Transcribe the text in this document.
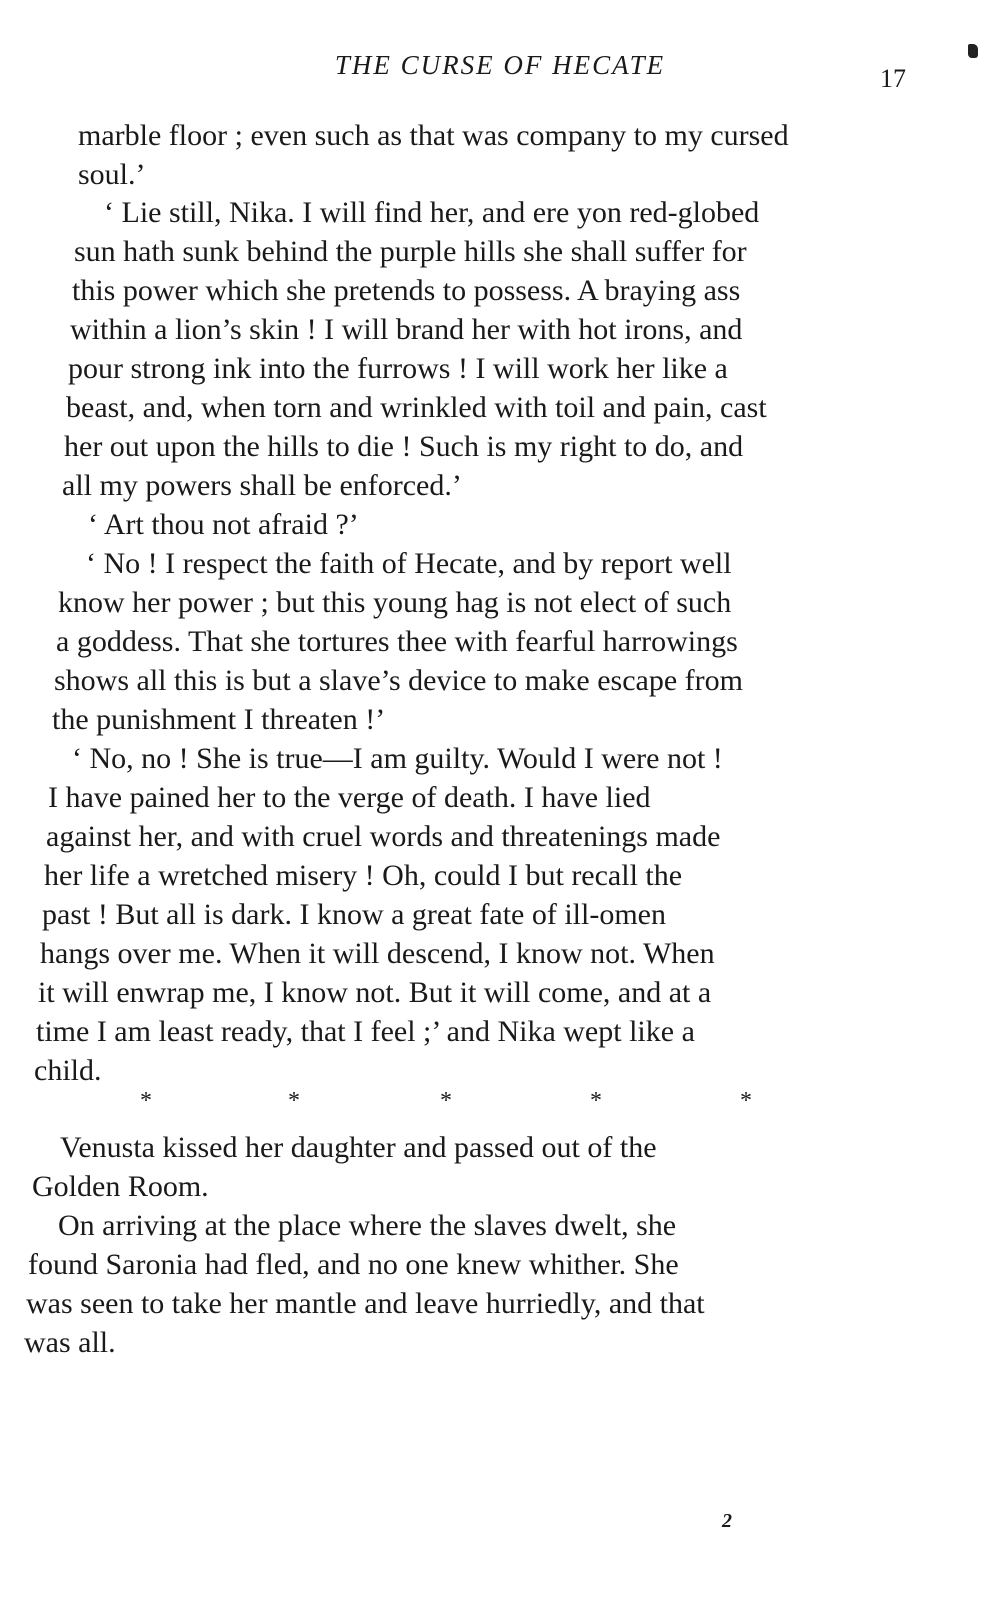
THE CURSE OF HECATE	17
marble floor ; even such as that was company to my cursed
soul.’
‘ Lie still, Nika. I will find her, and ere yon red-globed
sun hath sunk behind the purple hills she shall suffer for
this power which she pretends to possess. A braying ass
within a lion’s skin ! I will brand her with hot irons, and
pour strong ink into the furrows ! I will work her like a
beast, and, when torn and wrinkled with toil and pain, cast
her out upon the hills to die ! Such is my right to do, and
all my powers shall be enforced.’
‘ Art thou not afraid ?’
‘ No ! I respect the faith of Hecate, and by report well
know her power ; but this young hag is not elect of such
a goddess. That she tortures thee with fearful harrowings
shows all this is but a slave’s device to make escape from
the punishment I threaten !’
‘ No, no ! She is true—I am guilty. Would I were not !
I have pained her to the verge of death. I have lied
against her, and with cruel words and threatenings made
her life a wretched misery ! Oh, could I but recall the
past ! But all is dark. I know a great fate of ill-omen
hangs over me. When it will descend, I know not. When
it will enwrap me, I know not. But it will come, and at a
time I am least ready, that I feel ;’ and Nika wept like a
child.
*	*	*	*	*
Venusta kissed her daughter and passed out of the
Golden Room.
On arriving at the place where the slaves dwelt, she
found Saronia had fled, and no one knew whither. She
was seen to take her mantle and leave hurriedly, and that
was all.
2
